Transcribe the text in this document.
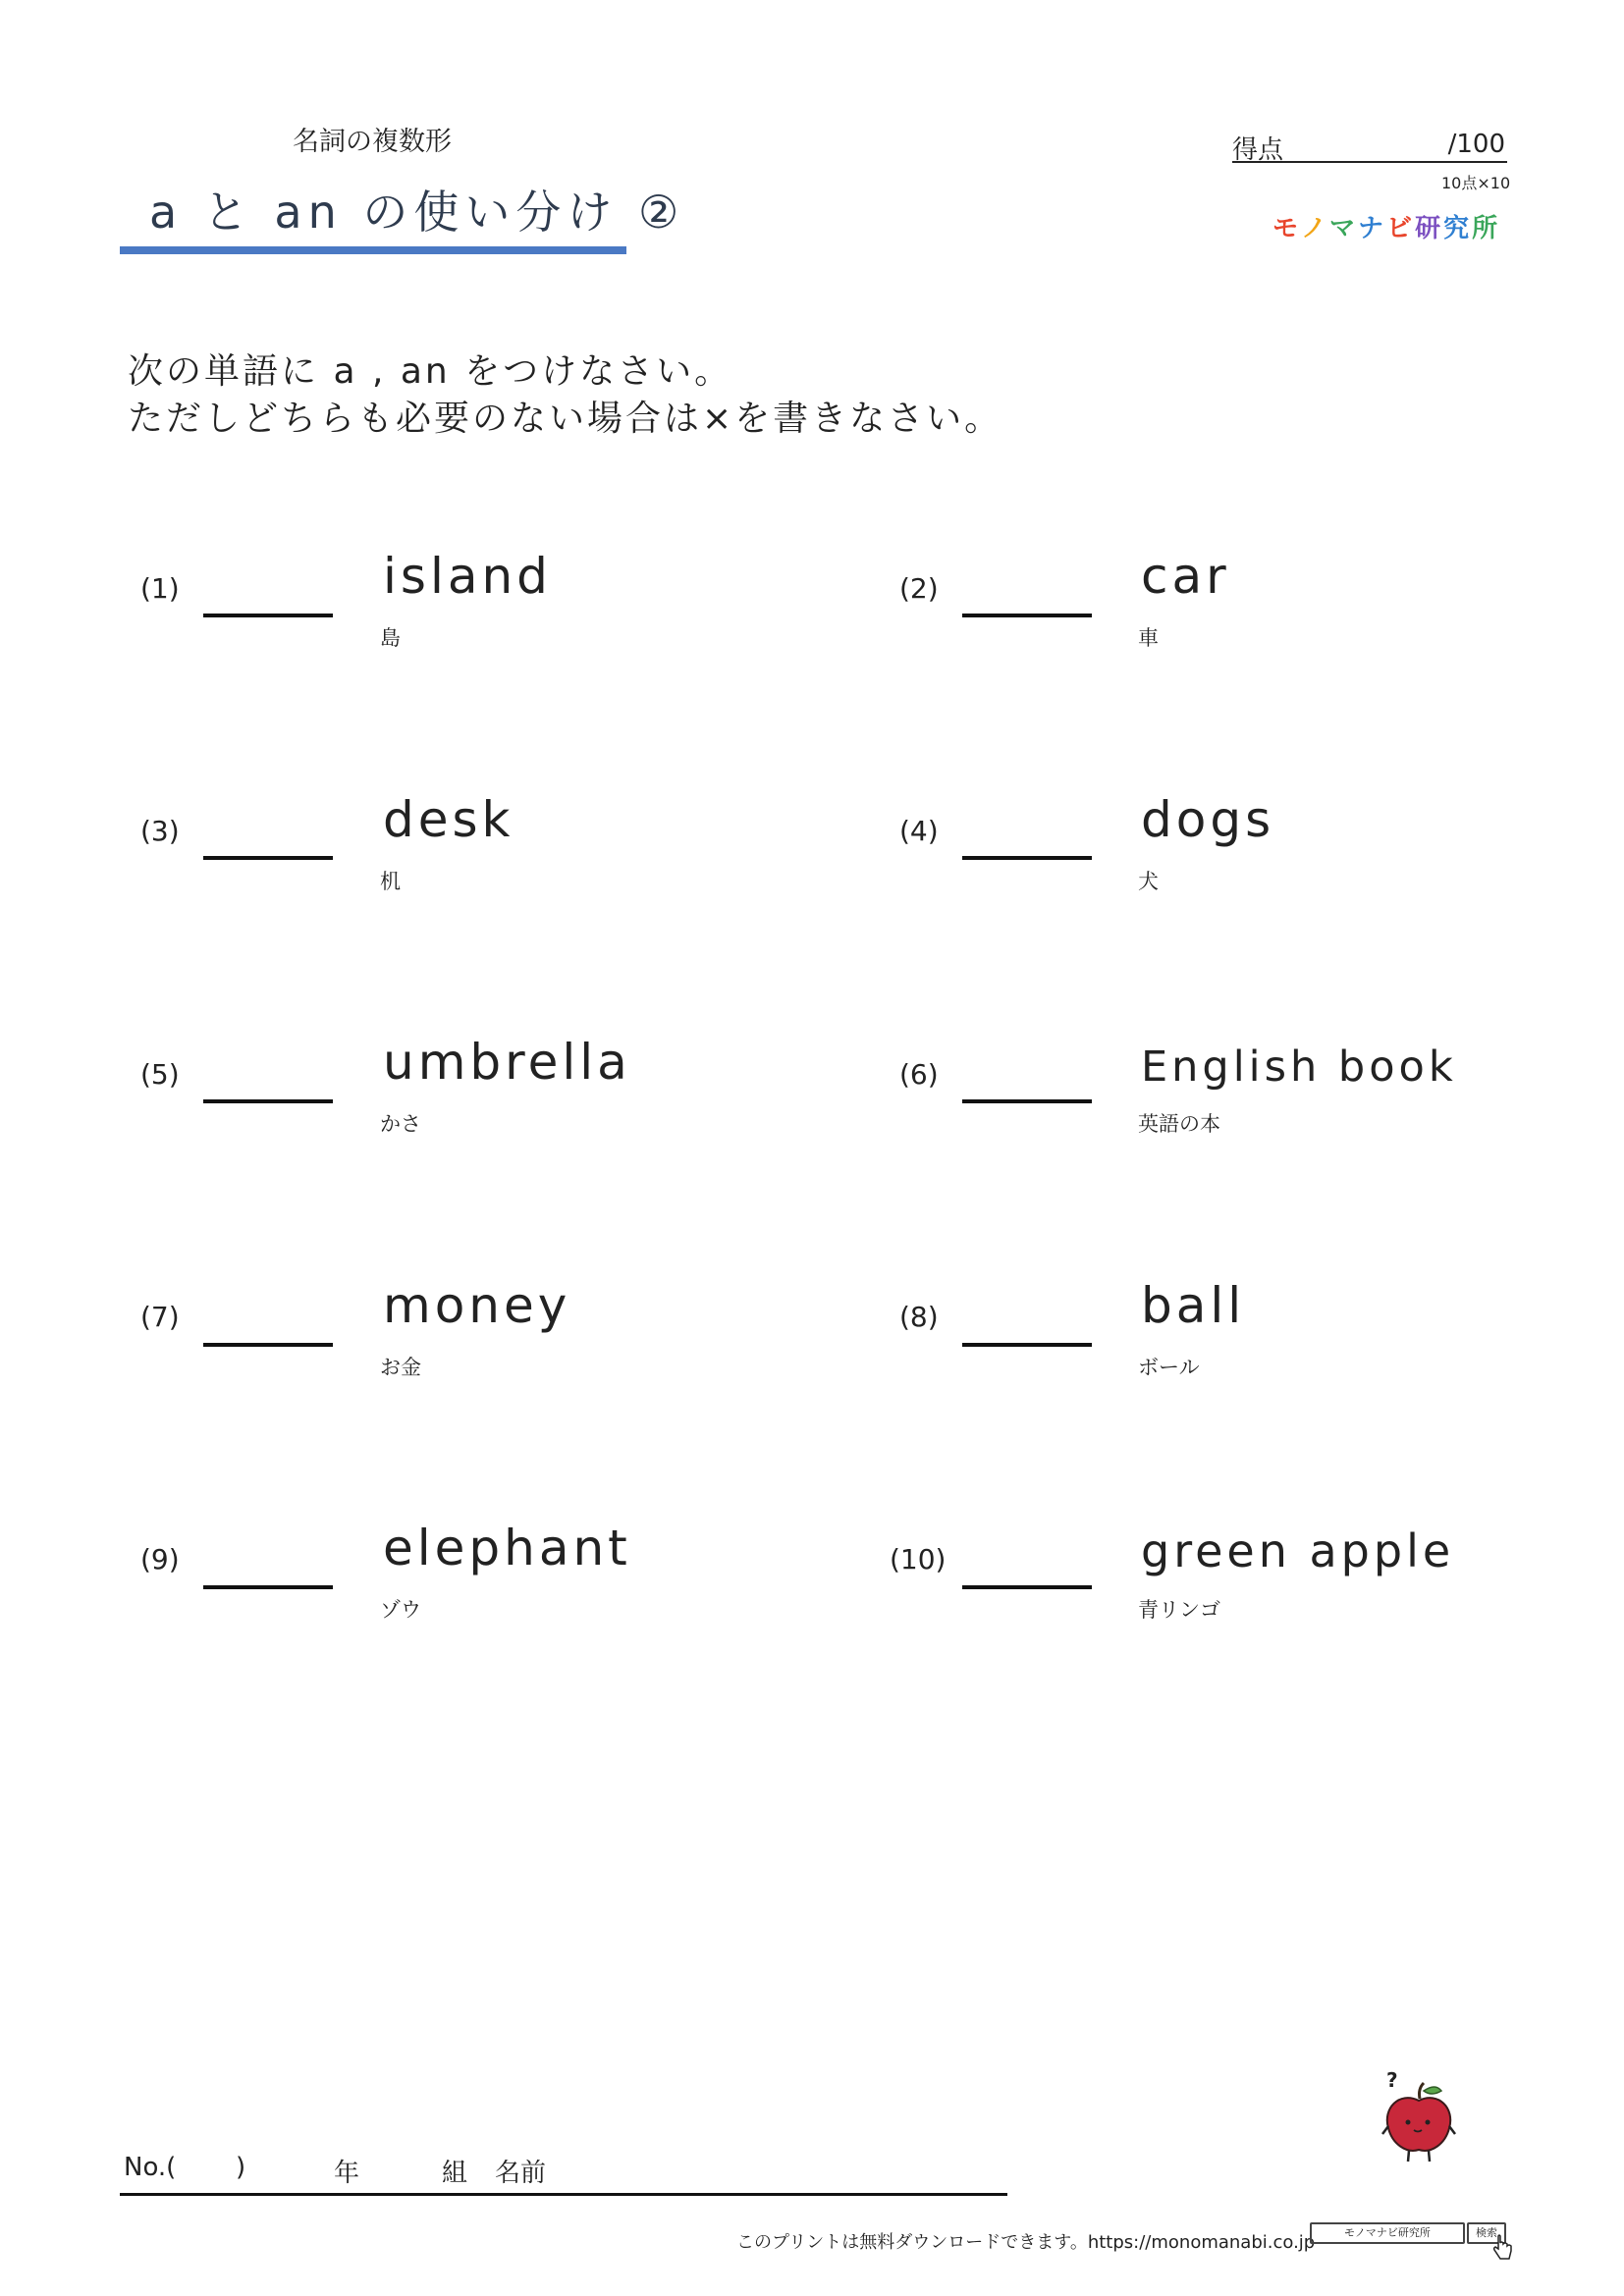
名詞の複数形
a と an の使い分け ②
得点	/100
10点×10
モノマナビ研究所
次の単語に a , an をつけなさい。
ただしどちらも必要のない場合は×を書きなさい。
(1)	island
島
(3)	desk
机
(5)	umbrella
かさ
(7)	money
お金
(9)	elephant
ゾウ
(2)	car
車
(4)	dogs
犬
(6)	English book
英語の本
(8)	ball
ボール
(10)	green apple
青リンゴ
?
No.( )	年	組 名前
このプリントは無料ダウンロードできます。https://monomanabi.co.jp	モノマナビ研究所	検索
